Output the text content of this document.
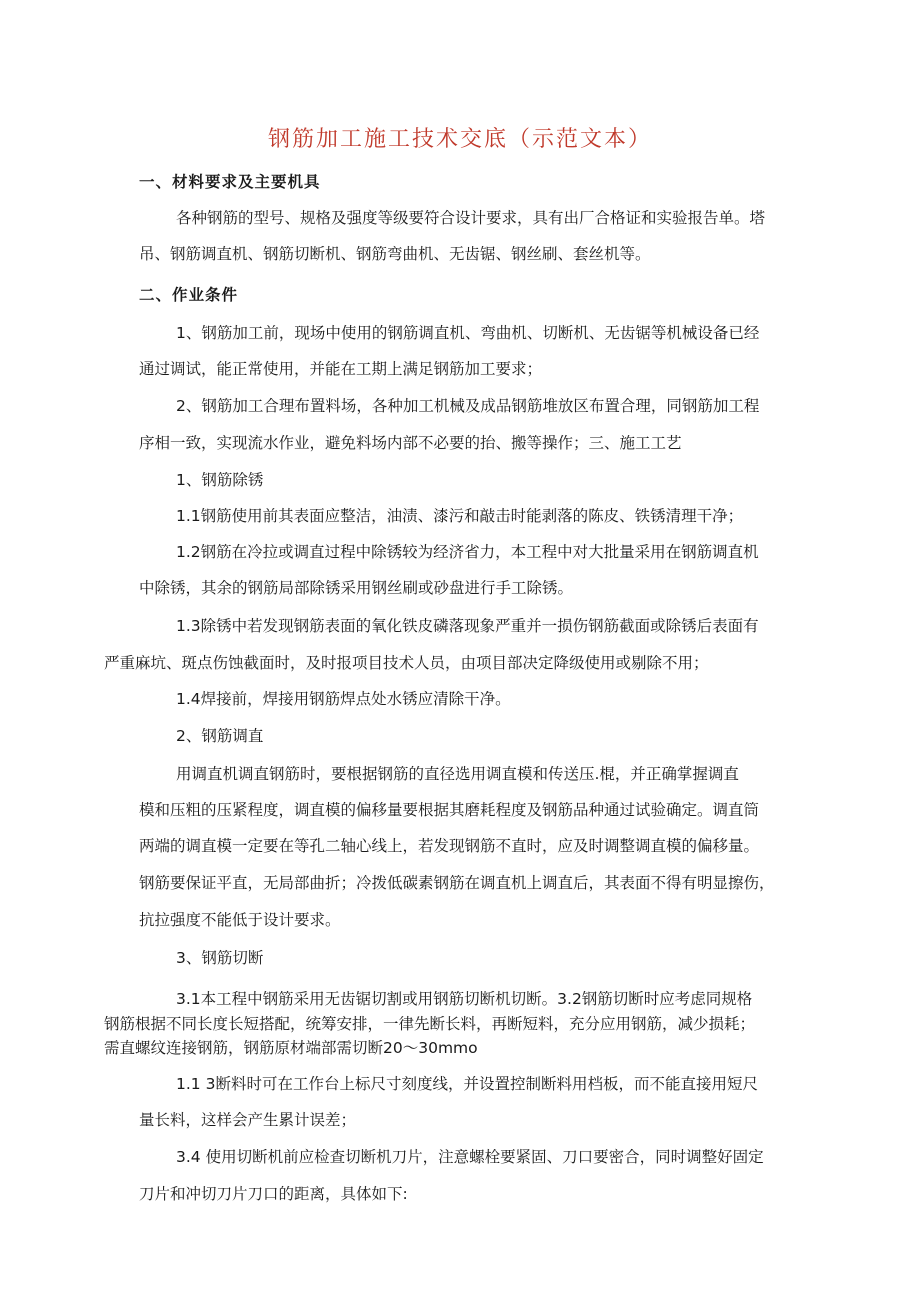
钢筋加工施工技术交底（示范文本）
一、材料要求及主要机具
各种钢筋的型号、规格及强度等级要符合设计要求，具有出厂合格证和实验报告单。塔
吊、钢筋调直机、钢筋切断机、钢筋弯曲机、无齿锯、钢丝刷、套丝机等。
二、作业条件
1、钢筋加工前，现场中使用的钢筋调直机、弯曲机、切断机、无齿锯等机械设备已经
通过调试，能正常使用，并能在工期上满足钢筋加工要求；
2、钢筋加工合理布置料场，各种加工机械及成品钢筋堆放区布置合理，同钢筋加工程
序相一致，实现流水作业，避免料场内部不必要的抬、搬等操作；三、施工工艺
1、钢筋除锈
1.1钢筋使用前其表面应整洁，油渍、漆污和敲击时能剥落的陈皮、铁锈清理干净；
1.2钢筋在冷拉或调直过程中除锈较为经济省力，本工程中对大批量采用在钢筋调直机
中除锈，其余的钢筋局部除锈采用钢丝刷或砂盘进行手工除锈。
1.3除锈中若发现钢筋表面的氧化铁皮磷落现象严重并一损伤钢筋截面或除锈后表面有
严重麻坑、斑点伤蚀截面时，及时报项目技术人员，由项目部决定降级使用或剔除不用；
1.4焊接前，焊接用钢筋焊点处水锈应清除干净。
2、钢筋调直
用调直机调直钢筋时，要根据钢筋的直径选用调直模和传送压.棍，并正确掌握调直
模和压粗的压紧程度，调直模的偏移量要根据其磨耗程度及钢筋品种通过试验确定。调直筒
两端的调直模一定要在等孔二轴心线上，若发现钢筋不直时，应及时调整调直模的偏移量。
钢筋要保证平直，无局部曲折；冷拨低碳素钢筋在调直机上调直后，其表面不得有明显擦伤，
抗拉强度不能低于设计要求。
3、钢筋切断
3.1本工程中钢筋采用无齿锯切割或用钢筋切断机切断。3.2钢筋切断时应考虑同规格
钢筋根据不同长度长短搭配，统筹安排，一律先断长料，再断短料，充分应用钢筋，减少损耗；
需直螺纹连接钢筋，钢筋原材端部需切断20〜30mmo
1.1 3断料时可在工作台上标尺寸刻度线，并设置控制断料用档板，而不能直接用短尺
量长料，这样会产生累计误差；
3.4 使用切断机前应检查切断机刀片，注意螺栓要紧固、刀口要密合，同时调整好固定
刀片和冲切刀片刀口的距离，具体如下:
